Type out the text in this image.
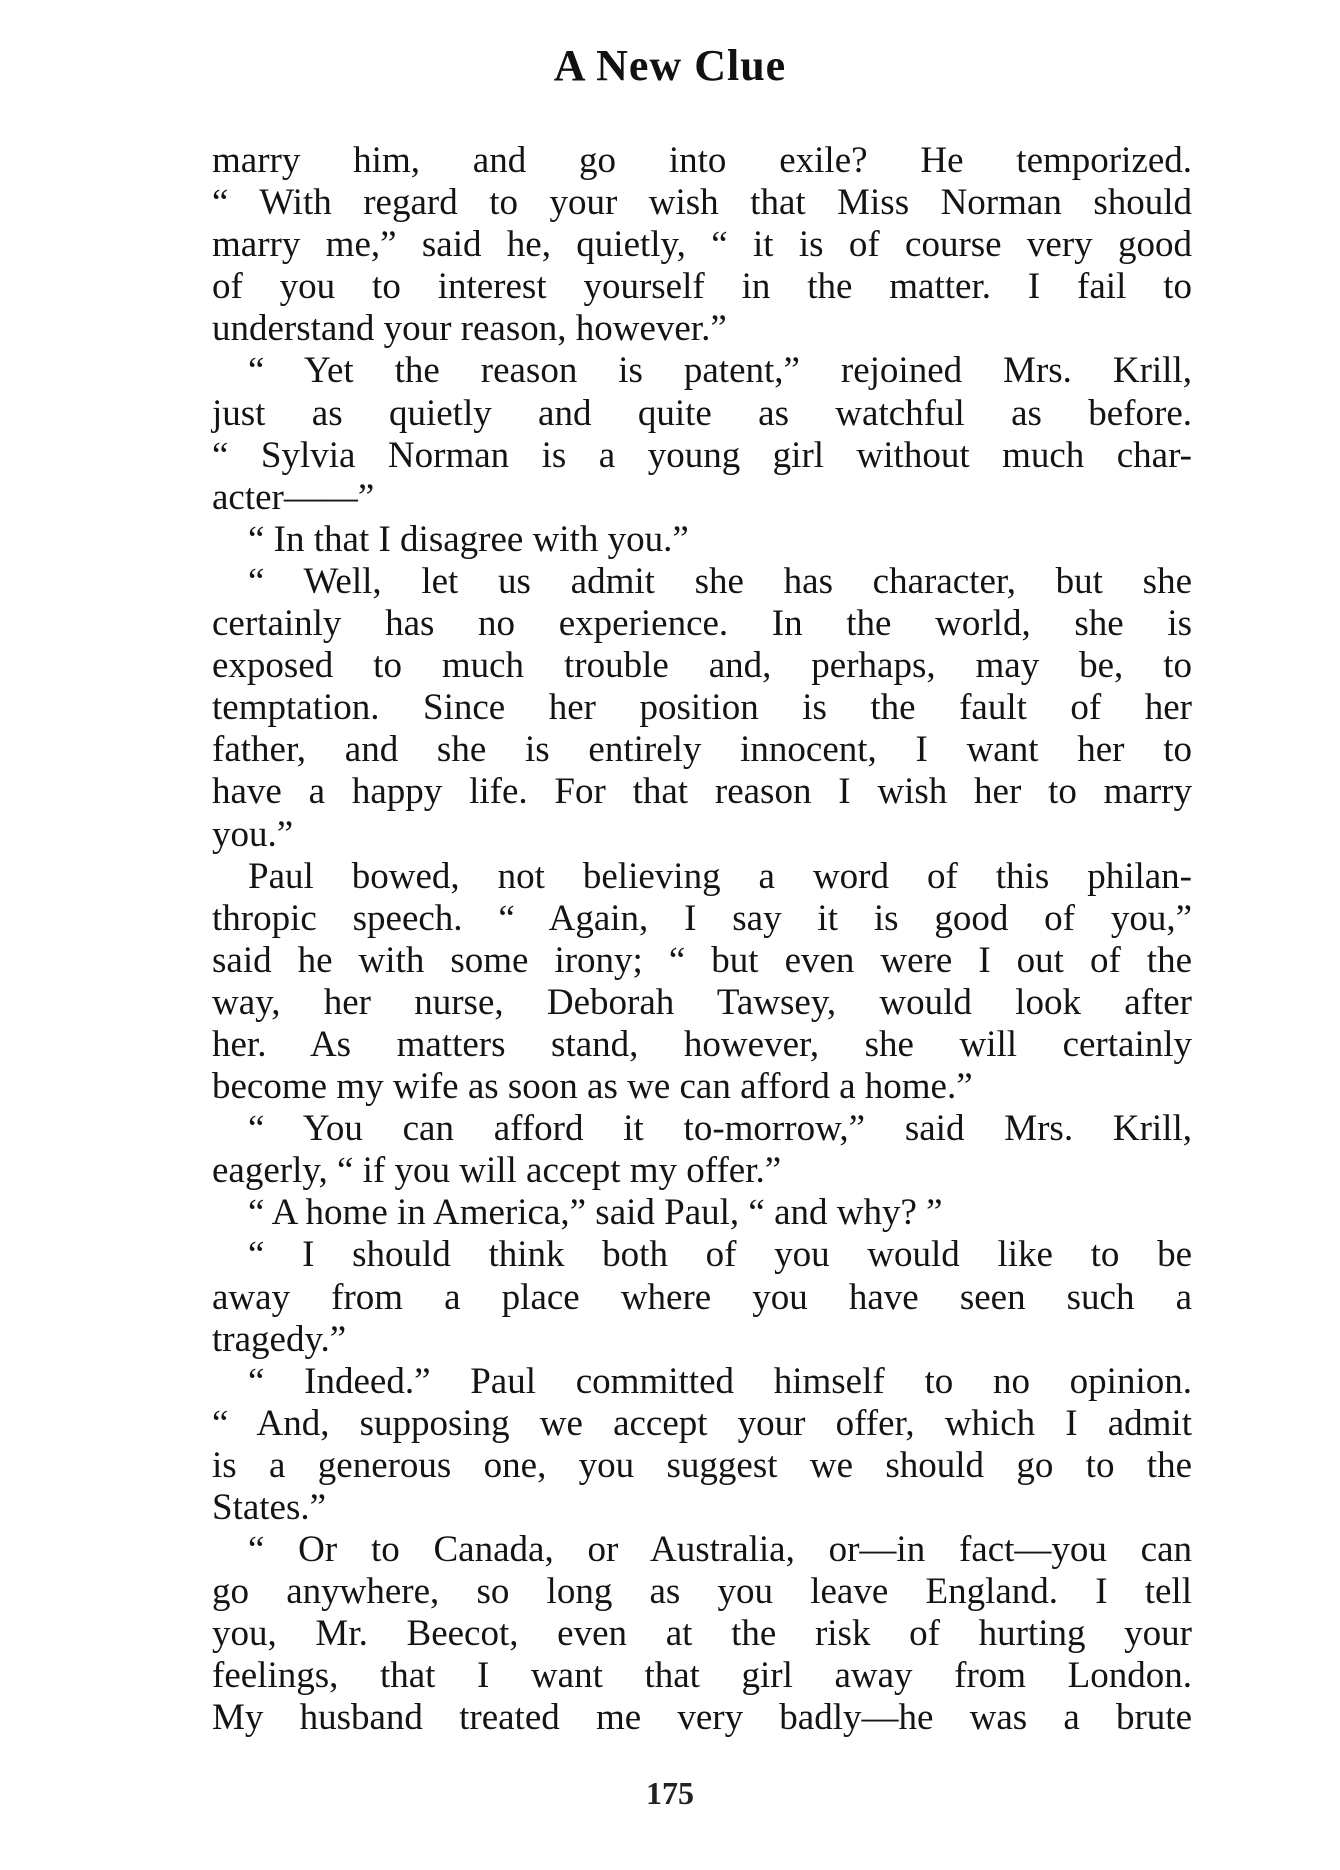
A New Clue
marry him, and go into exile? He temporized.
“ With regard to your wish that Miss Norman should
marry me,” said he, quietly, “ it is of course very good
of you to interest yourself in the matter. I fail to
understand your reason, however.”
“ Yet the reason is patent,” rejoined Mrs. Krill,
just as quietly and quite as watchful as before.
“ Sylvia Norman is a young girl without much char-
acter——”
“ In that I disagree with you.”
“ Well, let us admit she has character, but she
certainly has no experience. In the world, she is
exposed to much trouble and, perhaps, may be, to
temptation. Since her position is the fault of her
father, and she is entirely innocent, I want her to
have a happy life. For that reason I wish her to marry
you.”
Paul bowed, not believing a word of this philan-
thropic speech. “ Again, I say it is good of you,”
said he with some irony; “ but even were I out of the
way, her nurse, Deborah Tawsey, would look after
her. As matters stand, however, she will certainly
become my wife as soon as we can afford a home.”
“ You can afford it to-morrow,” said Mrs. Krill,
eagerly, “ if you will accept my offer.”
“ A home in America,” said Paul, “ and why? ”
“ I should think both of you would like to be
away from a place where you have seen such a
tragedy.”
“ Indeed.” Paul committed himself to no opinion.
“ And, supposing we accept your offer, which I admit
is a generous one, you suggest we should go to the
States.”
“ Or to Canada, or Australia, or—in fact—you can
go anywhere, so long as you leave England. I tell
you, Mr. Beecot, even at the risk of hurting your
feelings, that I want that girl away from London.
My husband treated me very badly—he was a brute
175
